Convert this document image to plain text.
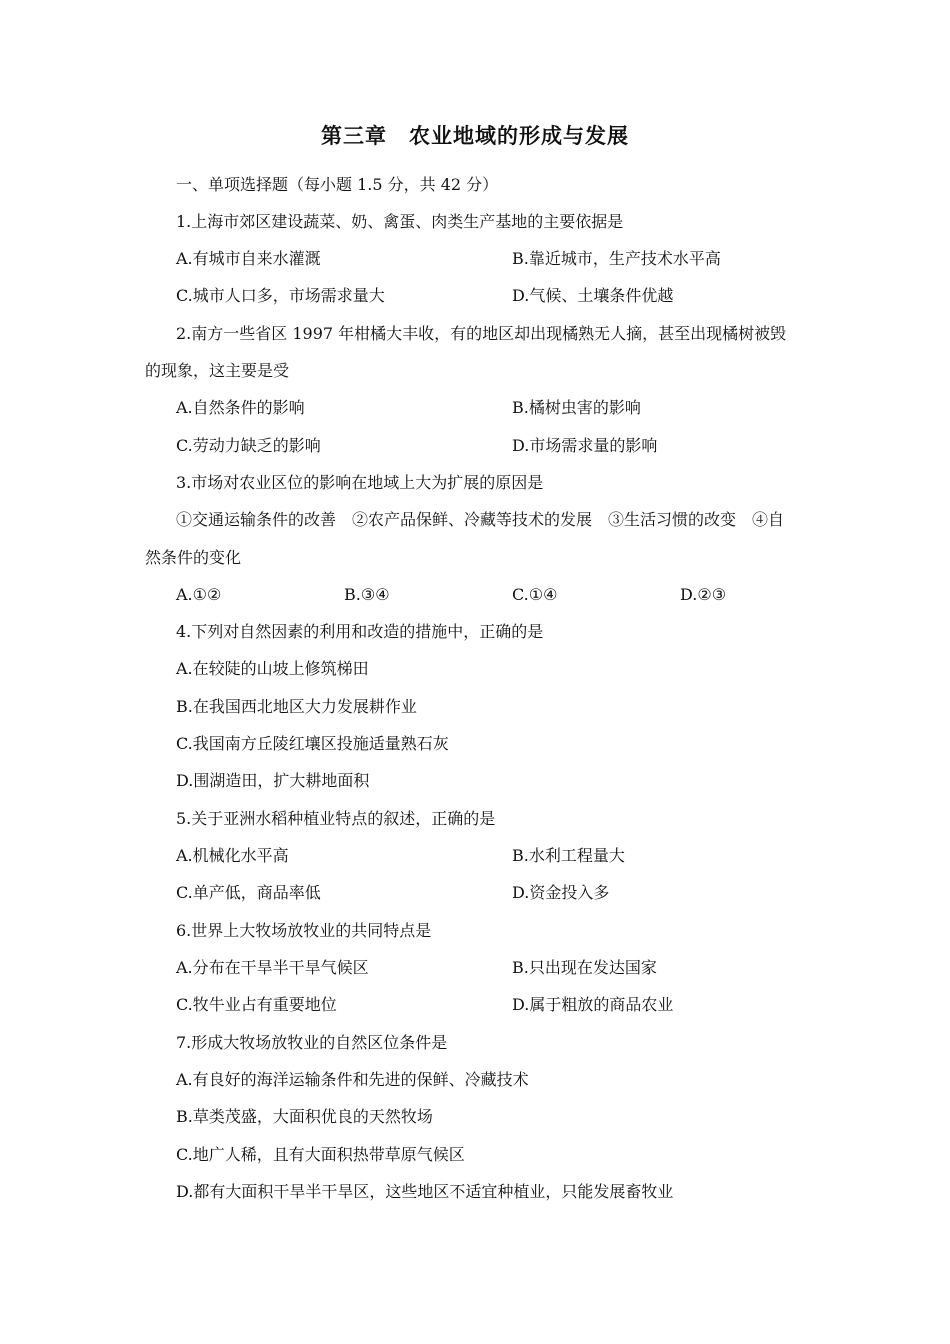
第三章　农业地域的形成与发展
一、单项选择题（每小题 1.5 分，共 42 分）
1.上海市郊区建设蔬菜、奶、禽蛋、肉类生产基地的主要依据是
A.有城市自来水灌溉	B.靠近城市，生产技术水平高
C.城市人口多，市场需求量大	D.气候、土壤条件优越
2.南方一些省区 1997 年柑橘大丰收，有的地区却出现橘熟无人摘，甚至出现橘树被毁
的现象，这主要是受
A.自然条件的影响	B.橘树虫害的影响
C.劳动力缺乏的影响	D.市场需求量的影响
3.市场对农业区位的影响在地域上大为扩展的原因是
①交通运输条件的改善　②农产品保鲜、冷藏等技术的发展　③生活习惯的改变　④自
然条件的变化
A.①②	B.③④	C.①④	D.②③
4.下列对自然因素的利用和改造的措施中，正确的是
A.在较陡的山坡上修筑梯田
B.在我国西北地区大力发展耕作业
C.我国南方丘陵红壤区投施适量熟石灰
D.围湖造田，扩大耕地面积
5.关于亚洲水稻种植业特点的叙述，正确的是
A.机械化水平高	B.水利工程量大
C.单产低，商品率低	D.资金投入多
6.世界上大牧场放牧业的共同特点是
A.分布在干旱半干旱气候区	B.只出现在发达国家
C.牧牛业占有重要地位	D.属于粗放的商品农业
7.形成大牧场放牧业的自然区位条件是
A.有良好的海洋运输条件和先进的保鲜、冷藏技术
B.草类茂盛，大面积优良的天然牧场
C.地广人稀，且有大面积热带草原气候区
D.都有大面积干旱半干旱区，这些地区不适宜种植业，只能发展畜牧业
